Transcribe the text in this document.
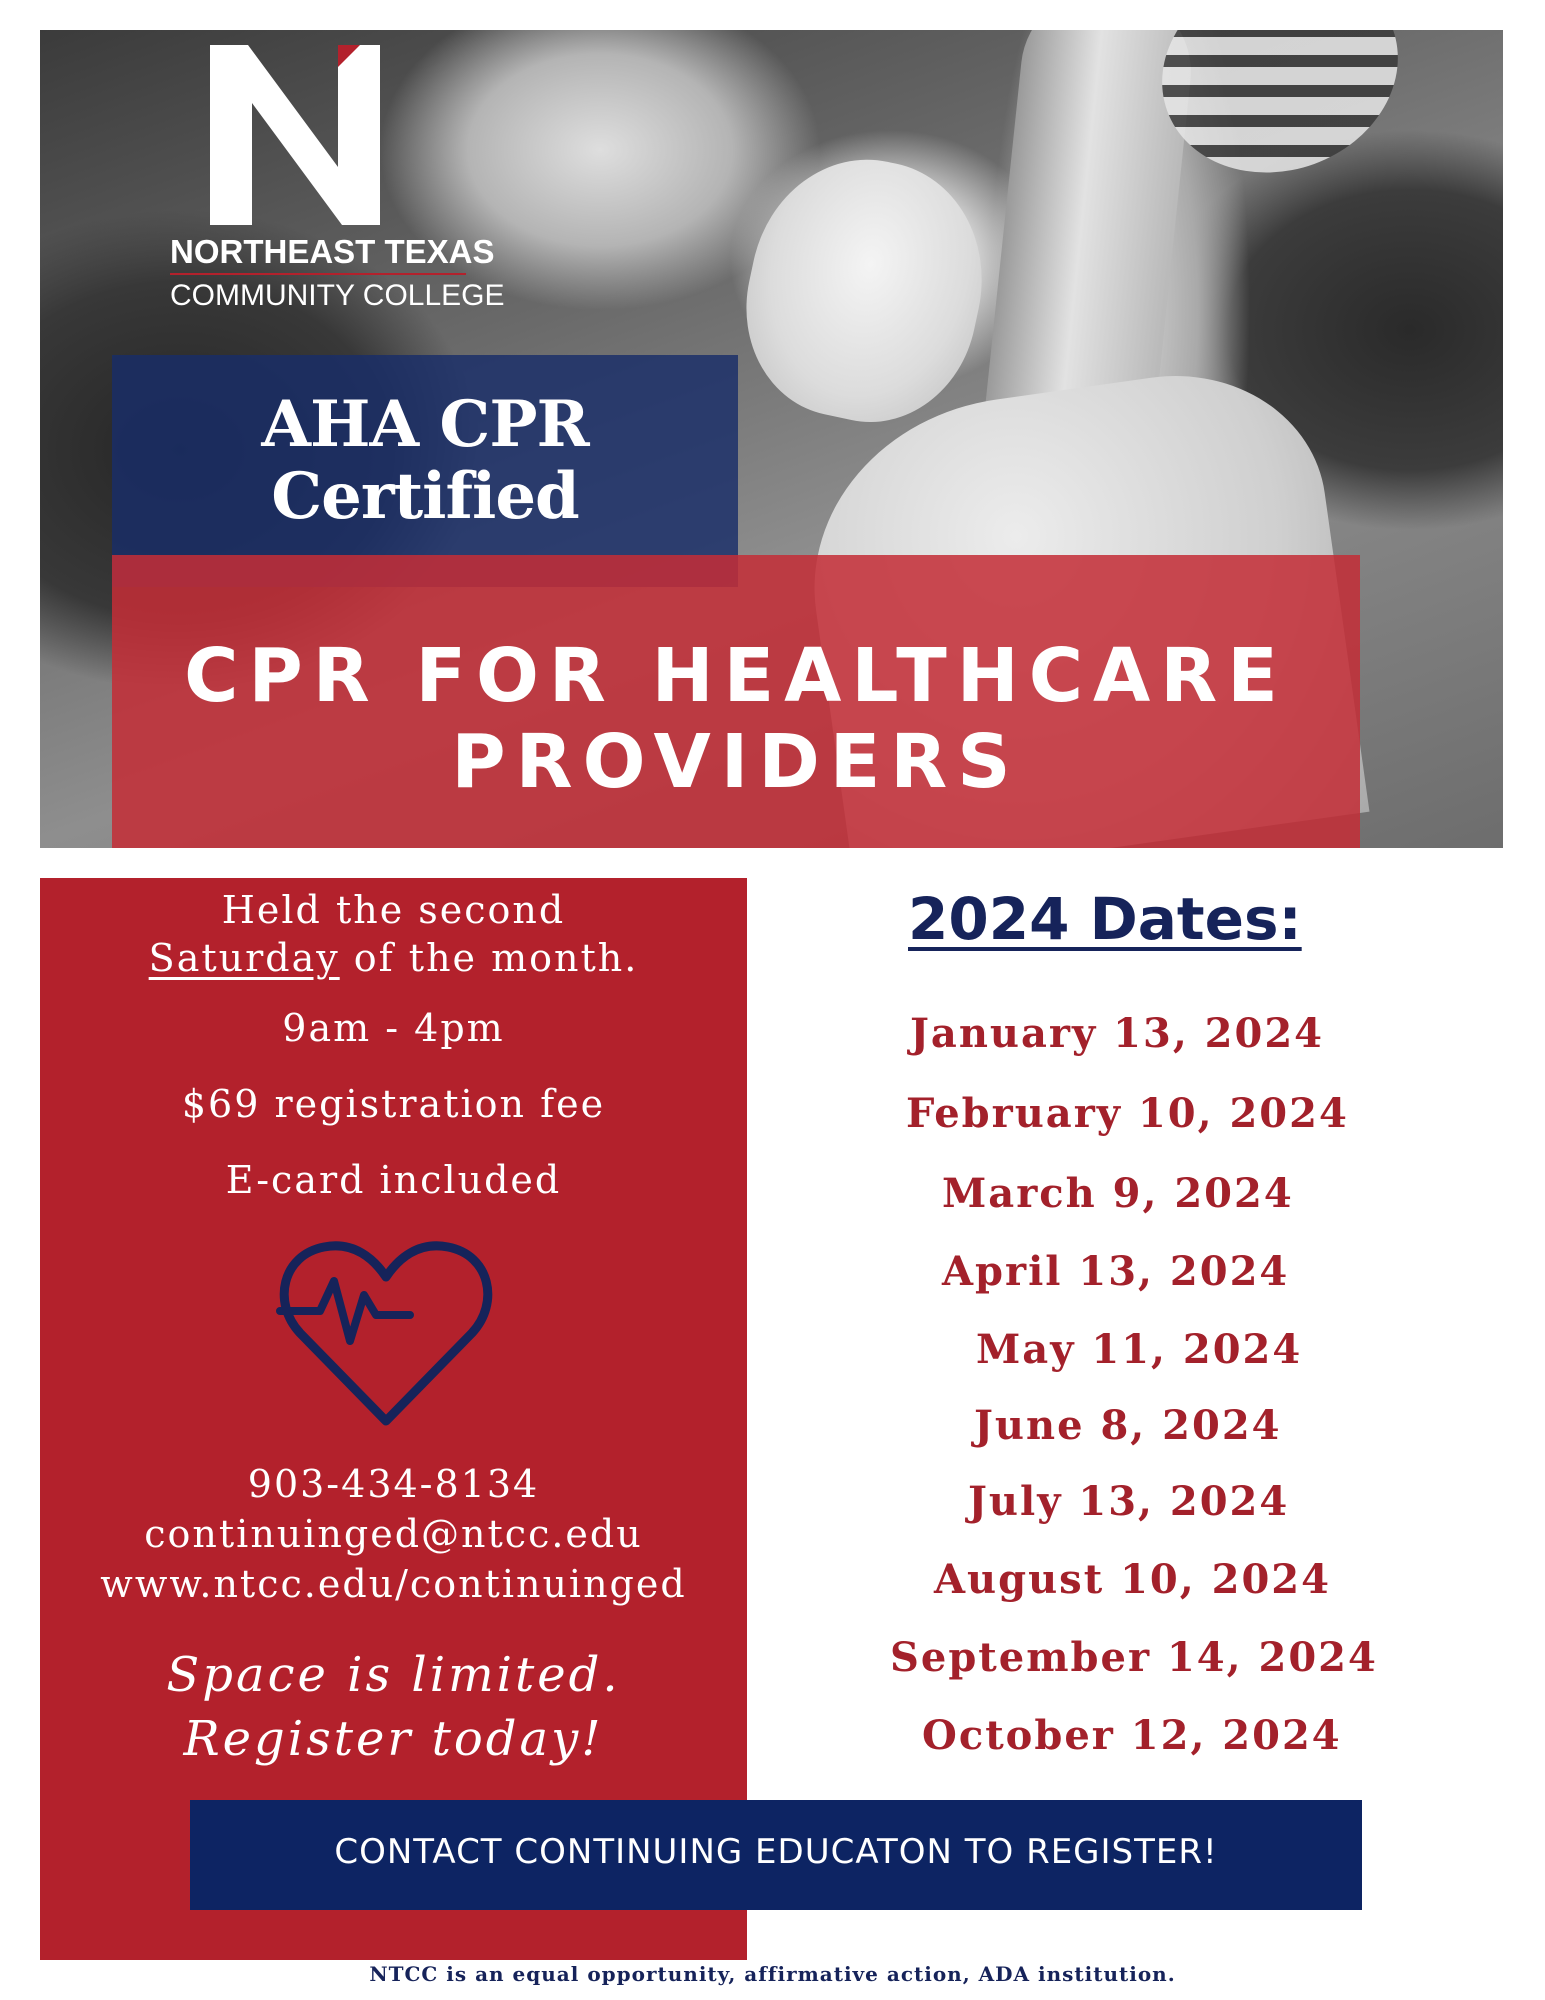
NORTHEAST TEXAS
COMMUNITY COLLEGE
AHA CPR
Certified
CPR FOR HEALTHCARE
PROVIDERS
Held the second
Saturday of the month.
9am - 4pm
$69 registration fee
E-card included
903-434-8134
continuinged@ntcc.edu
www.ntcc.edu/continuinged
Space is limited.
Register today!
2024 Dates:
January 13, 2024
February 10, 2024
March 9, 2024
April 13, 2024
May 11, 2024
June 8, 2024
July 13, 2024
August 10, 2024
September 14, 2024
October 12, 2024
CONTACT CONTINUING EDUCATON TO REGISTER!
NTCC is an equal opportunity, affirmative action, ADA institution.
